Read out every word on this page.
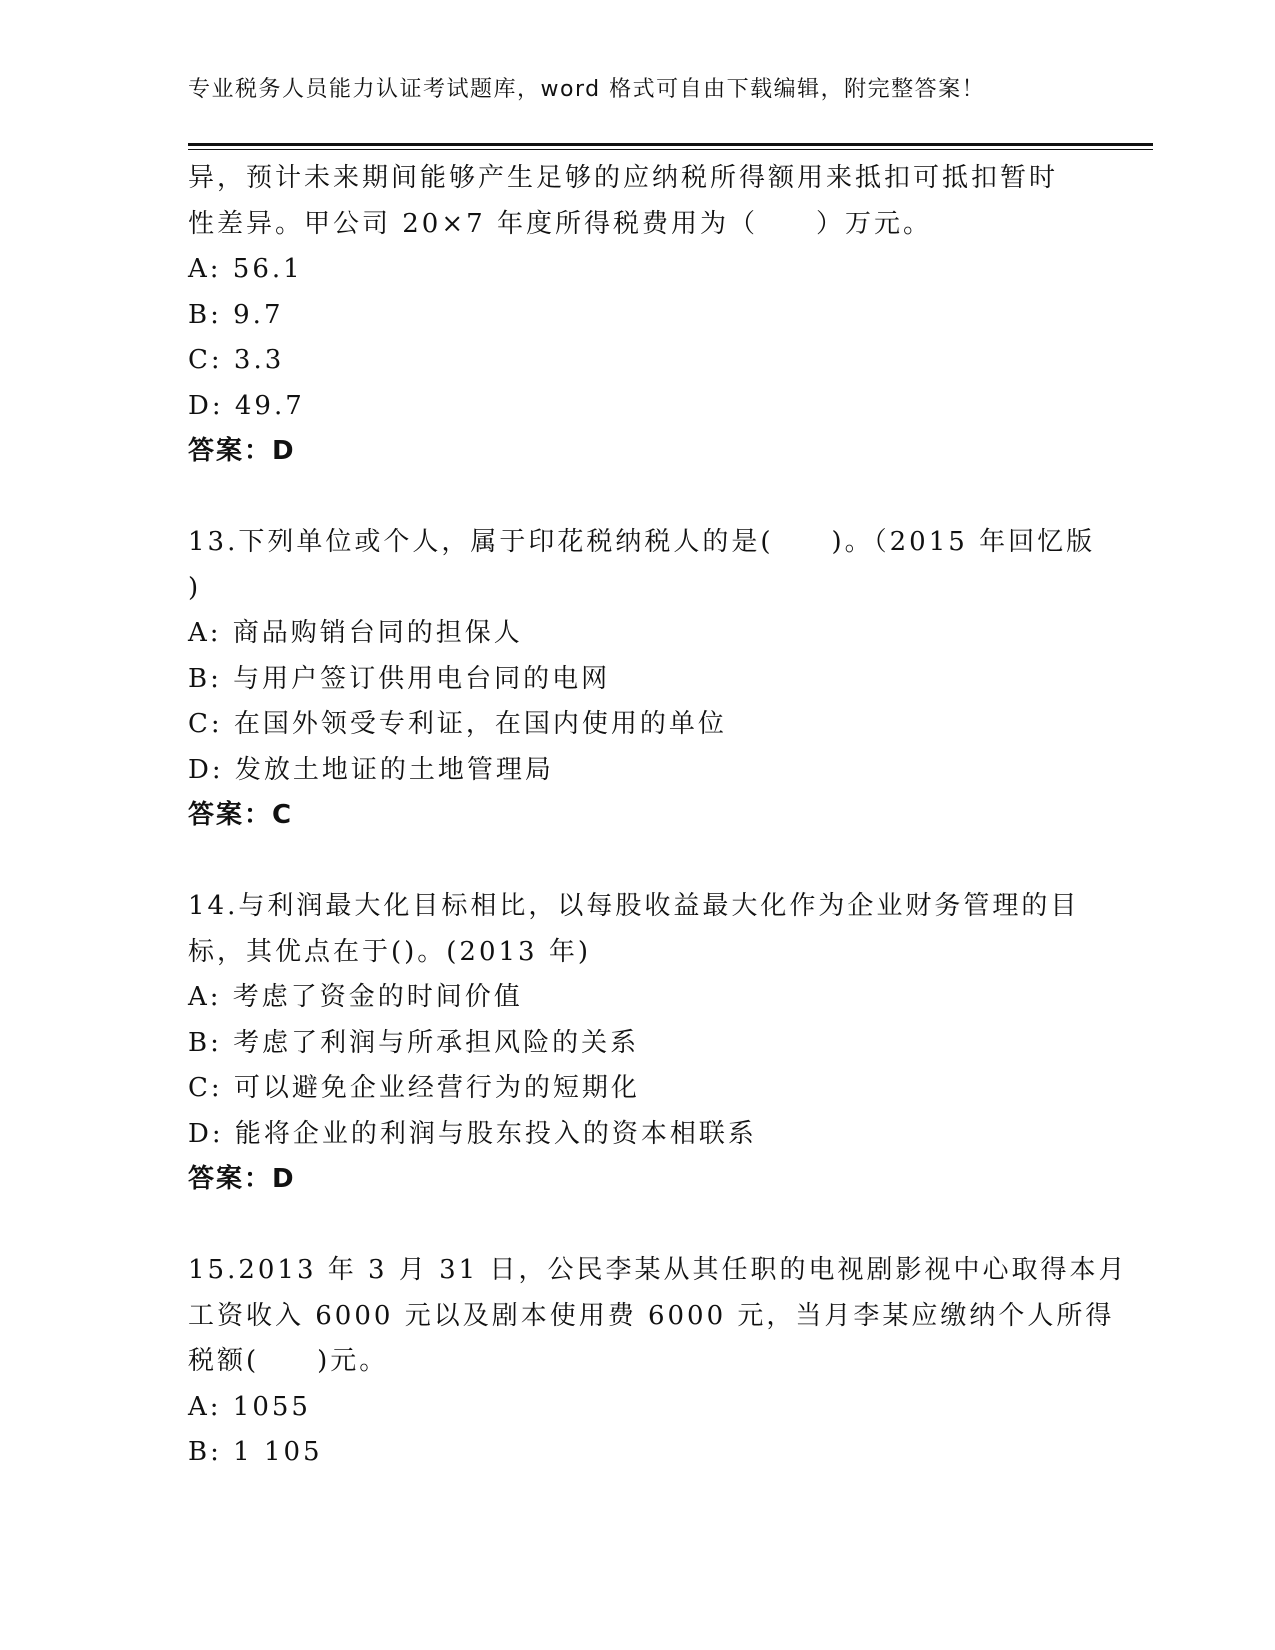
专业税务人员能力认证考试题库，word 格式可自由下载编辑，附完整答案！
异，预计未来期间能够产生足够的应纳税所得额用来抵扣可抵扣暂时
性差异。甲公司 20×7 年度所得税费用为（　　）万元。
A: 56.1
B: 9.7
C: 3.3
D: 49.7
答案：D
13.下列单位或个人，属于印花税纳税人的是(　　)。（2015 年回忆版
)
A: 商品购销台同的担保人
B: 与用户签订供用电台同的电网
C: 在国外领受专利证，在国内使用的单位
D: 发放土地证的土地管理局
答案：C
14.与利润最大化目标相比，以每股收益最大化作为企业财务管理的目
标，其优点在于()。(2013 年)
A: 考虑了资金的时间价值
B: 考虑了利润与所承担风险的关系
C: 可以避免企业经营行为的短期化
D: 能将企业的利润与股东投入的资本相联系
答案：D
15.2013 年 3 月 31 日，公民李某从其任职的电视剧影视中心取得本月
工资收入 6000 元以及剧本使用费 6000 元，当月李某应缴纳个人所得
税额(　　)元。
A: 1055
B: 1 105
